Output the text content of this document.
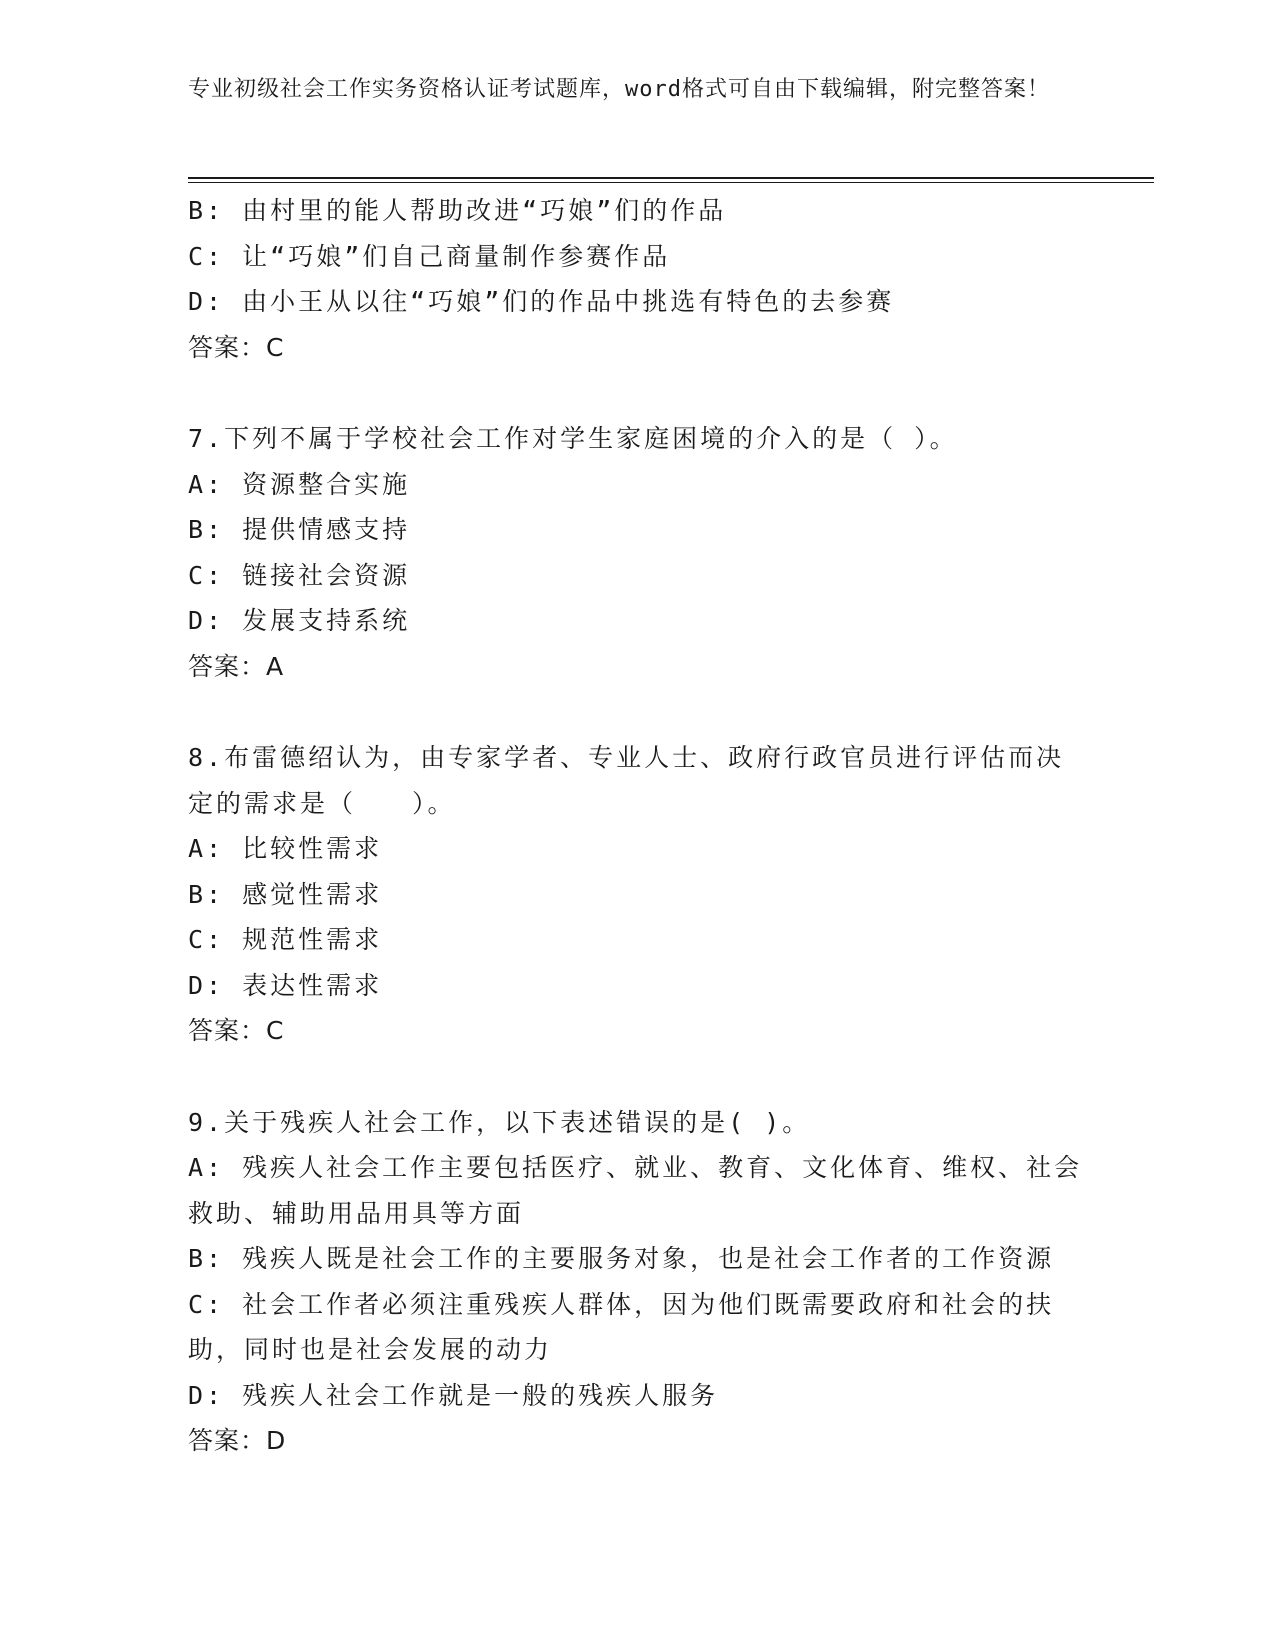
专业初级社会工作实务资格认证考试题库，word格式可自由下载编辑，附完整答案！
B: 由村里的能人帮助改进“巧娘”们的作品
C: 让“巧娘”们自己商量制作参赛作品
D: 由小王从以往“巧娘”们的作品中挑选有特色的去参赛
答案：C
7.下列不属于学校社会工作对学生家庭困境的介入的是（ ）。
A: 资源整合实施
B: 提供情感支持
C: 链接社会资源
D: 发展支持系统
答案：A
8.布雷德绍认为，由专家学者、专业人士、政府行政官员进行评估而决定的需求是（　　）。
A: 比较性需求
B: 感觉性需求
C: 规范性需求
D: 表达性需求
答案：C
9.关于残疾人社会工作，以下表述错误的是( )。
A: 残疾人社会工作主要包括医疗、就业、教育、文化体育、维权、社会救助、辅助用品用具等方面
B: 残疾人既是社会工作的主要服务对象，也是社会工作者的工作资源
C: 社会工作者必须注重残疾人群体，因为他们既需要政府和社会的扶助，同时也是社会发展的动力
D: 残疾人社会工作就是一般的残疾人服务
答案：D
